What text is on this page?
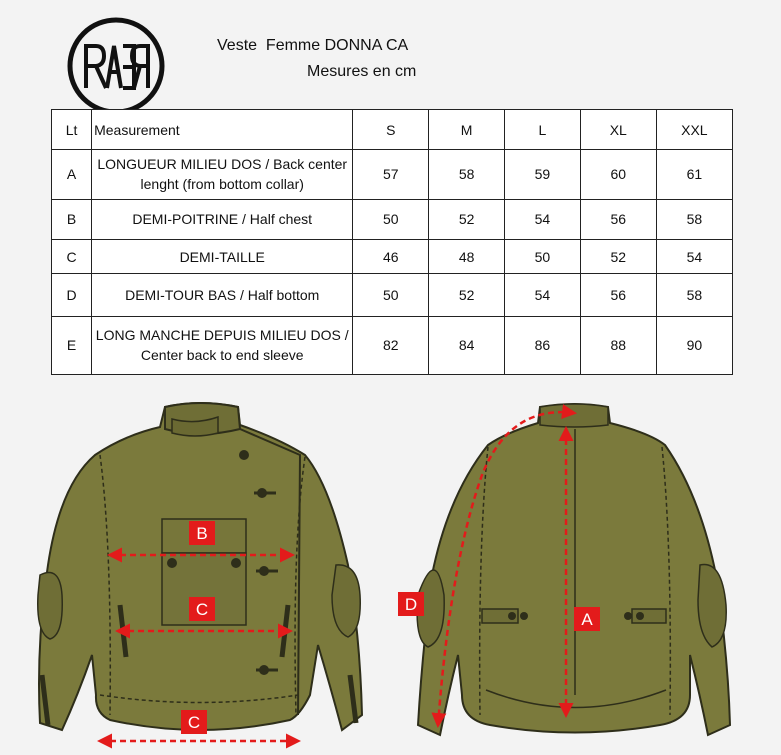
Veste  Femme DONNA CA
Mesures en cm
Lt	Measurement	S	M	L	XL	XXL
A	LONGUEUR MILIEU DOS / Back center lenght (from bottom collar)	57	58	59	60	61
B	DEMI-POITRINE / Half chest	50	52	54	56	58
C	DEMI-TAILLE	46	48	50	52	54
D	DEMI-TOUR BAS / Half bottom	50	52	54	56	58
E	LONG MANCHE DEPUIS MILIEU DOS / Center back to end sleeve	82	84	86	88	90
B
C
C
D
A
